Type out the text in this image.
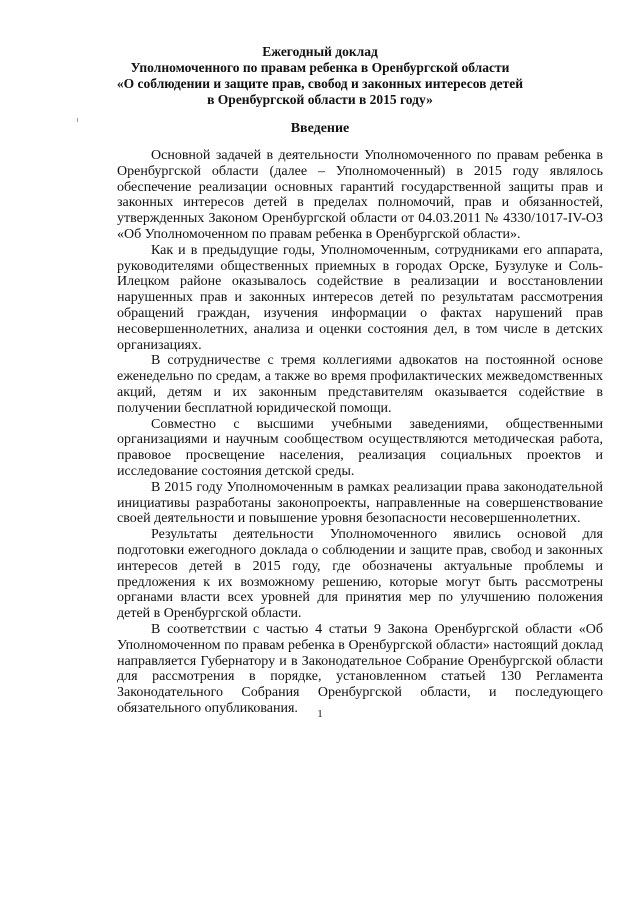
Ежегодный доклад
Уполномоченного по правам ребенка в Оренбургской области
«О соблюдении и защите прав, свобод и законных интересов детей
в Оренбургской области в 2015 году»
Введение

Основной задачей в деятельности Уполномоченного по правам ребенка в Оренбургской области (далее – Уполномоченный) в 2015 году являлось обеспечение реализации основных гарантий государственной защиты прав и законных интересов детей в пределах полномочий, прав и обязанностей, утвержденных Законом Оренбургской области от 04.03.2011 № 4330/1017-IV-ОЗ «Об Уполномоченном по правам ребенка в Оренбургской области».

Как и в предыдущие годы, Уполномоченным, сотрудниками его аппарата, руководителями общественных приемных в городах Орске, Бузулуке и Соль-Илецком районе оказывалось содействие в реализации и восстановлении нарушенных прав и законных интересов детей по результатам рассмотрения обращений граждан, изучения информации о фактах нарушений прав несовершеннолетних, анализа и оценки состояния дел, в том числе в детских организациях.

В сотрудничестве с тремя коллегиями адвокатов на постоянной основе еженедельно по средам, а также во время профилактических межведомственных акций, детям и их законным представителям оказывается содействие в получении бесплатной юридической помощи.

Совместно с высшими учебными заведениями, общественными организациями и научным сообществом осуществляются методическая работа, правовое просвещение населения, реализация социальных проектов и исследование состояния детской среды.

В 2015 году Уполномоченным в рамках реализации права законодательной инициативы разработаны законопроекты, направленные на совершенствование своей деятельности и повышение уровня безопасности несовершеннолетних.

Результаты деятельности Уполномоченного явились основой для подготовки ежегодного доклада о соблюдении и защите прав, свобод и законных интересов детей в 2015 году, где обозначены актуальные проблемы и предложения к их возможному решению, которые могут быть рассмотрены органами власти всех уровней для принятия мер по улучшению положения детей в Оренбургской области.

В соответствии с частью 4 статьи 9 Закона Оренбургской области «Об Уполномоченном по правам ребенка в Оренбургской области» настоящий доклад направляется Губернатору и в Законодательное Собрание Оренбургской области для рассмотрения в порядке, установленном статьей 130 Регламента Законодательного Собрания Оренбургской области, и последующего обязательного опубликования.	1
